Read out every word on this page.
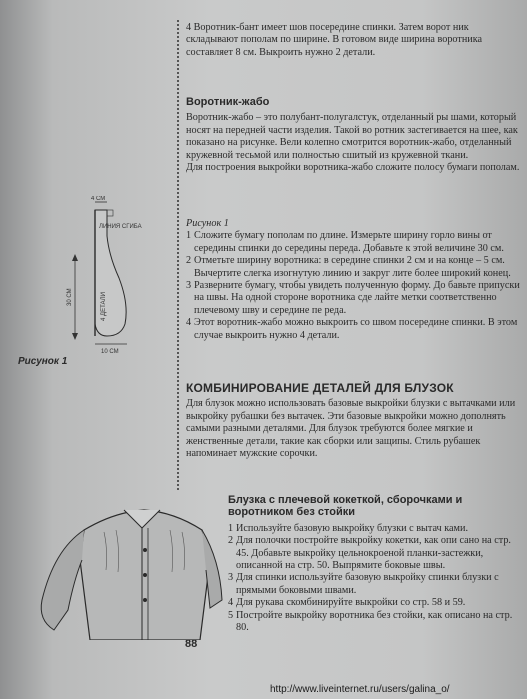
4 СМ
30 СМ
ЛИНИЯ СГИБА
4 ДЕТАЛИ
10 СМ
Рисунок 1

4 Воротник-бант имеет шов посередине спинки. Затем ворот ник складывают пополам по ширине. В готовом виде ширина воротника составляет 8 см. Выкроить нужно 2 детали.

Воротник-жабо

Воротник-жабо – это полубант-полугалстук, отделанный ры шами, который носят на передней части изделия. Такой во ротник застегивается на шее, как показано на рисунке. Вели колепно смотрится воротник-жабо, отделанный кружевной тесьмой или полностью сшитый из кружевной ткани.

Для построения выкройки воротника-жабо сложите полосу бумаги пополам.

Рисунок 1
1 Сложите бумагу пополам по длине. Измерьте ширину горло вины от середины спинки до середины переда. Добавьте к этой величине 30 см.
2 Отметьте ширину воротника: в середине спинки 2 см и на конце – 5 см. Вычертите слегка изогнутую линию и закруг лите более широкий конец.
3 Разверните бумагу, чтобы увидеть полученную форму. До бавьте припуски на швы. На одной стороне воротника сде лайте метки соответственно плечевому шву и середине пе реда.
4 Этот воротник-жабо можно выкроить со швом посередине спинки. В этом случае выкроить нужно 4 детали.
КОМБИНИРОВАНИЕ ДЕТАЛЕЙ ДЛЯ БЛУЗОК

Для блузок можно использовать базовые выкройки блузки с вытачками или выкройку рубашки без вытачек. Эти базовые выкройки можно дополнять самыми разными деталями. Для блузок требуются более мягкие и женственные детали, такие как сборки или защипы. Стиль рубашек напоминает мужские сорочки.

Блузка с плечевой кокеткой, сборочками и воротником без стойки
1 Используйте базовую выкройку блузки с вытач ками.
2 Для полочки постройте выкройку кокетки, как опи сано на стр. 45. Добавьте выкройку цельнокроеной планки-застежки, описанной на стр. 50. Выпрямите боковые швы.
3 Для спинки используйте базовую выкройку спинки блузки с прямыми боковыми швами.
4 Для рукава скомбинируйте выкройки со стр. 58 и 59.
5 Постройте выкройку воротника без стойки, как описано на стр. 80.
88
http://www.liveinternet.ru/users/galina_o/
